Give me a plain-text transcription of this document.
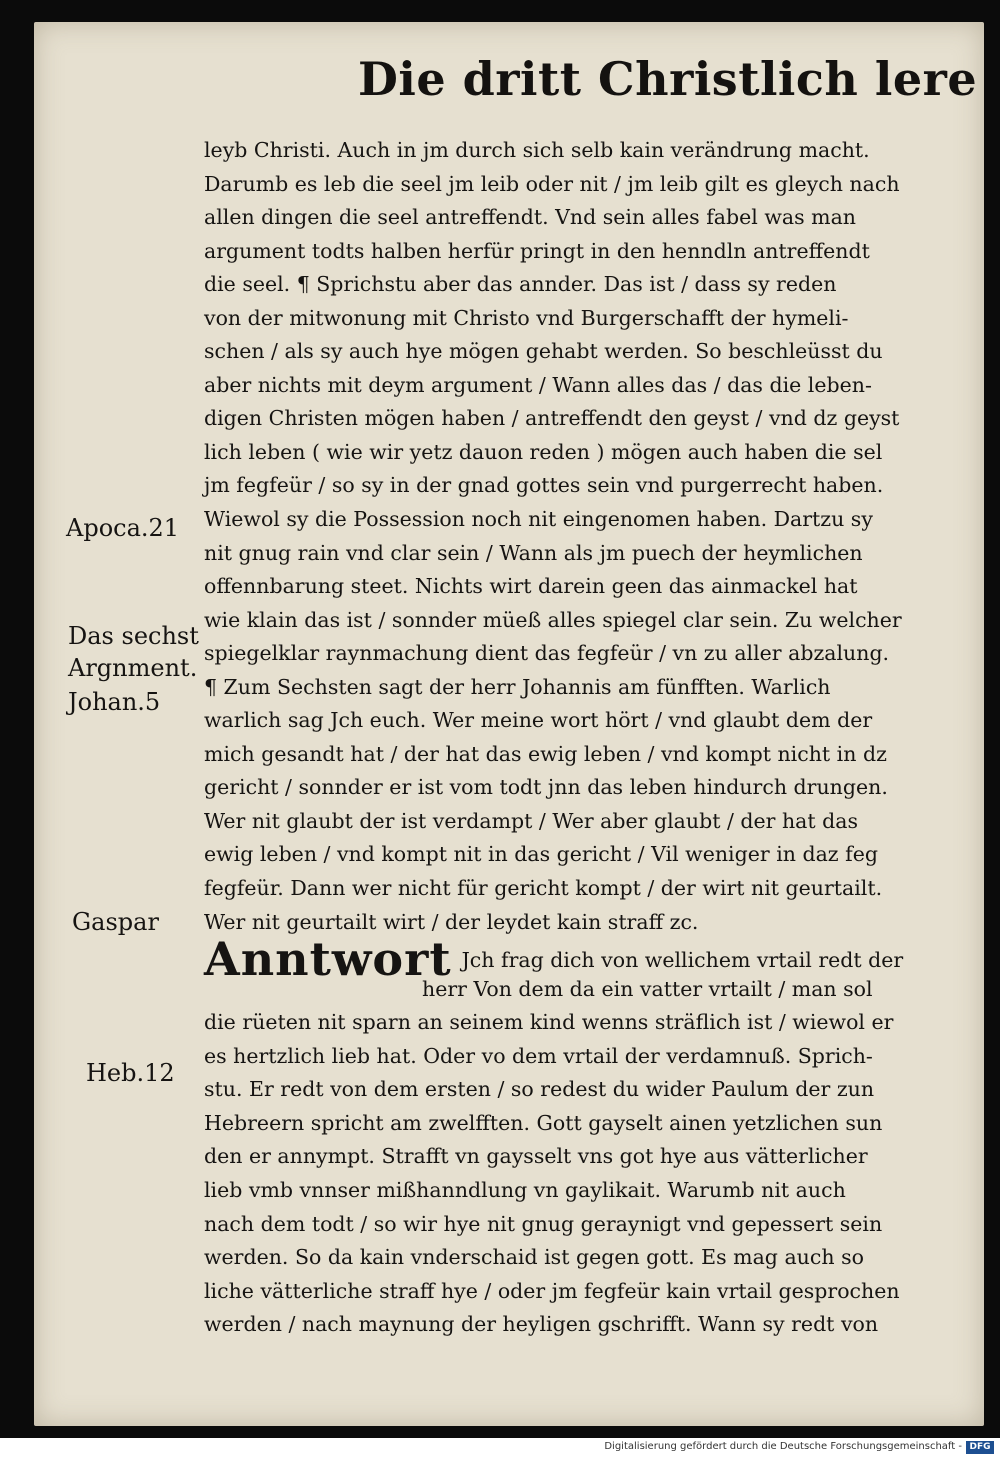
Die dritt Christlich lere
leyb Christi. Auch in jm durch sich selb kain verändrung macht.
Darumb es leb die seel jm leib oder nit / jm leib gilt es gleych nach
allen dingen die seel antreffendt. Vnd sein alles fabel was man
argument todts halben herfür pringt in den henndln antreffendt
die seel. ¶ Sprichstu aber das annder. Das ist / dass sy reden
von der mitwonung mit Christo vnd Burgerschafft der hymeli-
schen / als sy auch hye mögen gehabt werden. So beschleüsst du
aber nichts mit deym argument / Wann alles das / das die leben-
digen Christen mögen haben / antreffendt den geyst / vnd dz geyst
lich leben ( wie wir yetz dauon reden ) mögen auch haben die sel
jm fegfeür / so sy in der gnad gottes sein vnd purgerrecht haben.
Wiewol sy die Possession noch nit eingenomen haben. Dartzu sy
nit gnug rain vnd clar sein / Wann als jm puech der heymlichen
offennbarung steet. Nichts wirt darein geen das ainmackel hat
wie klain das ist / sonnder müeß alles spiegel clar sein. Zu welcher
spiegelklar raynmachung dient das fegfeür / vn zu aller abzalung.
¶ Zum Sechsten sagt der herr Johannis am fünfften. Warlich
warlich sag Jch euch. Wer meine wort hört / vnd glaubt dem der
mich gesandt hat / der hat das ewig leben / vnd kompt nicht in dz
gericht / sonnder er ist vom todt jnn das leben hindurch drungen.
Wer nit glaubt der ist verdampt / Wer aber glaubt / der hat das
ewig leben / vnd kompt nit in das gericht / Vil weniger in daz feg
fegfeür. Dann wer nicht für gericht kompt / der wirt nit geurtailt.
Wer nit geurtailt wirt / der leydet kain straff zc.
Anntwort Jch frag dich von wellichem vrtail redt der
herr Von dem da ein vatter vrtailt / man sol
die rüeten nit sparn an seinem kind wenns sträflich ist / wiewol er
es hertzlich lieb hat. Oder vo dem vrtail der verdamnuß. Sprich-
stu. Er redt von dem ersten / so redest du wider Paulum der zun
Hebreern spricht am zwelfften. Gott gayselt ainen yetzlichen sun
den er annympt. Strafft vn gaysselt vns got hye aus vätterlicher
lieb vmb vnnser mißhanndlung vn gaylikait. Warumb nit auch
nach dem todt / so wir hye nit gnug geraynigt vnd gepessert sein
werden. So da kain vnderschaid ist gegen gott. Es mag auch so
liche vätterliche straff hye / oder jm fegfeür kain vrtail gesprochen
werden / nach maynung der heyligen gschrifft. Wann sy redt von
Apoca.21
Das sechst
Argnment.
Johan.5
Gaspar
Heb.12
Digitalisierung gefördert durch die Deutsche Forschungsgemeinschaft - DFG
